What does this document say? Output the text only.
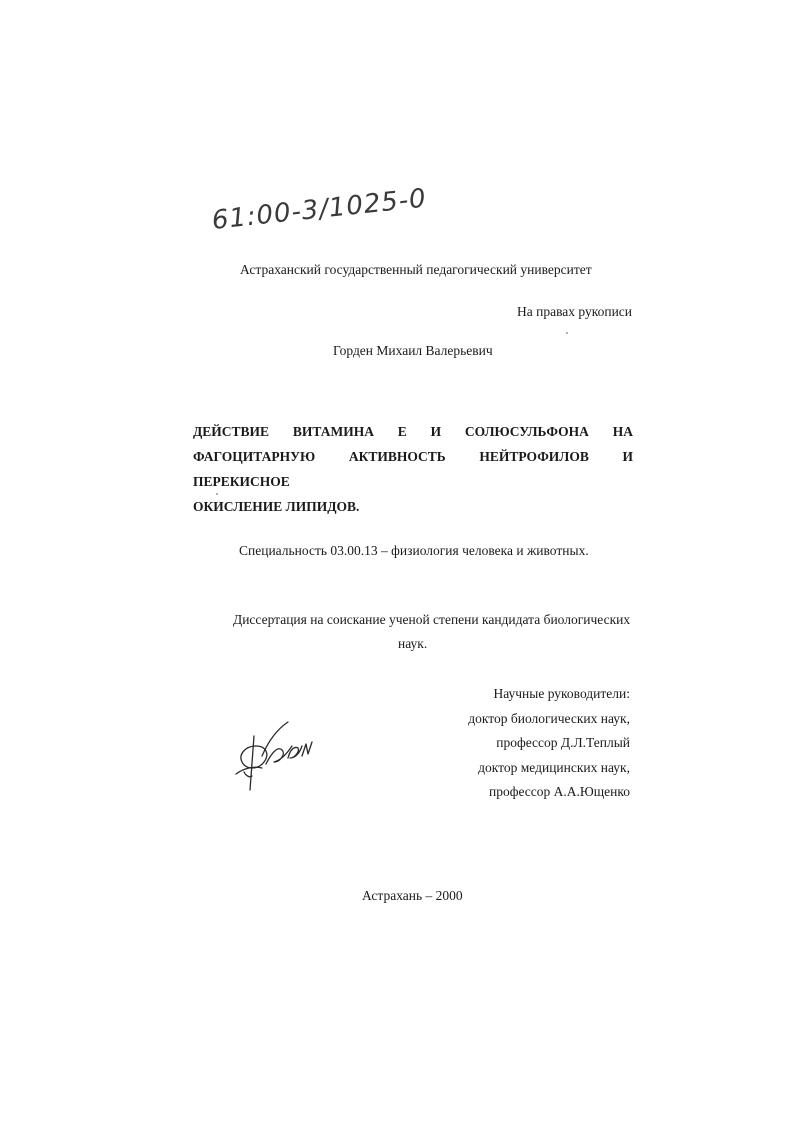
61:00-3/1025-0
Астраханский государственный педагогический университет
На правах рукописи
Горден Михаил Валерьевич
ДЕЙСТВИЕ ВИТАМИНА Е И СОЛЮСУЛЬФОНА НА
ФАГОЦИТАРНУЮ АКТИВНОСТЬ НЕЙТРОФИЛОВ И ПЕРЕКИСНОЕ
ОКИСЛЕНИЕ ЛИПИДОВ.
Специальность 03.00.13 – физиология человека и животных.
Диссертация на соискание ученой степени кандидата биологических
наук.
Научные руководители:
доктор биологических наук,
профессор Д.Л.Теплый
доктор медицинских наук,
профессор А.А.Ющенко
Астрахань – 2000
